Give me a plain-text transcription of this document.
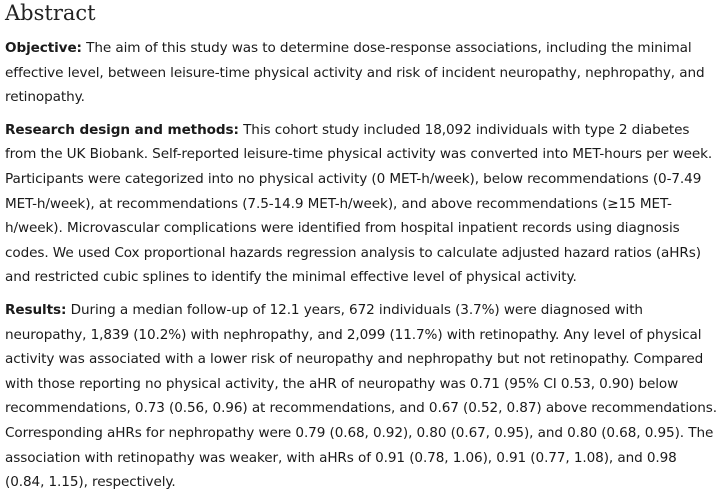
Abstract

Objective: The aim of this study was to determine dose-response associations, including the minimal effective level, between leisure-time physical activity and risk of incident neuropathy, nephropathy, and retinopathy.

Research design and methods: This cohort study included 18,092 individuals with type 2 diabetes from the UK Biobank. Self-reported leisure-time physical activity was converted into MET-hours per week. Participants were categorized into no physical activity (0 MET-h/week), below recommendations (0-7.49 MET-h/week), at recommendations (7.5-14.9 MET-h/week), and above recommendations (≥15 MET-h/week). Microvascular complications were identified from hospital inpatient records using diagnosis codes. We used Cox proportional hazards regression analysis to calculate adjusted hazard ratios (aHRs) and restricted cubic splines to identify the minimal effective level of physical activity.

Results: During a median follow-up of 12.1 years, 672 individuals (3.7%) were diagnosed with neuropathy, 1,839 (10.2%) with nephropathy, and 2,099 (11.7%) with retinopathy. Any level of physical activity was associated with a lower risk of neuropathy and nephropathy but not retinopathy. Compared with those reporting no physical activity, the aHR of neuropathy was 0.71 (95% CI 0.53, 0.90) below recommendations, 0.73 (0.56, 0.96) at recommendations, and 0.67 (0.52, 0.87) above recommendations. Corresponding aHRs for nephropathy were 0.79 (0.68, 0.92), 0.80 (0.67, 0.95), and 0.80 (0.68, 0.95). The association with retinopathy was weaker, with aHRs of 0.91 (0.78, 1.06), 0.91 (0.77, 1.08), and 0.98 (0.84, 1.15), respectively.
